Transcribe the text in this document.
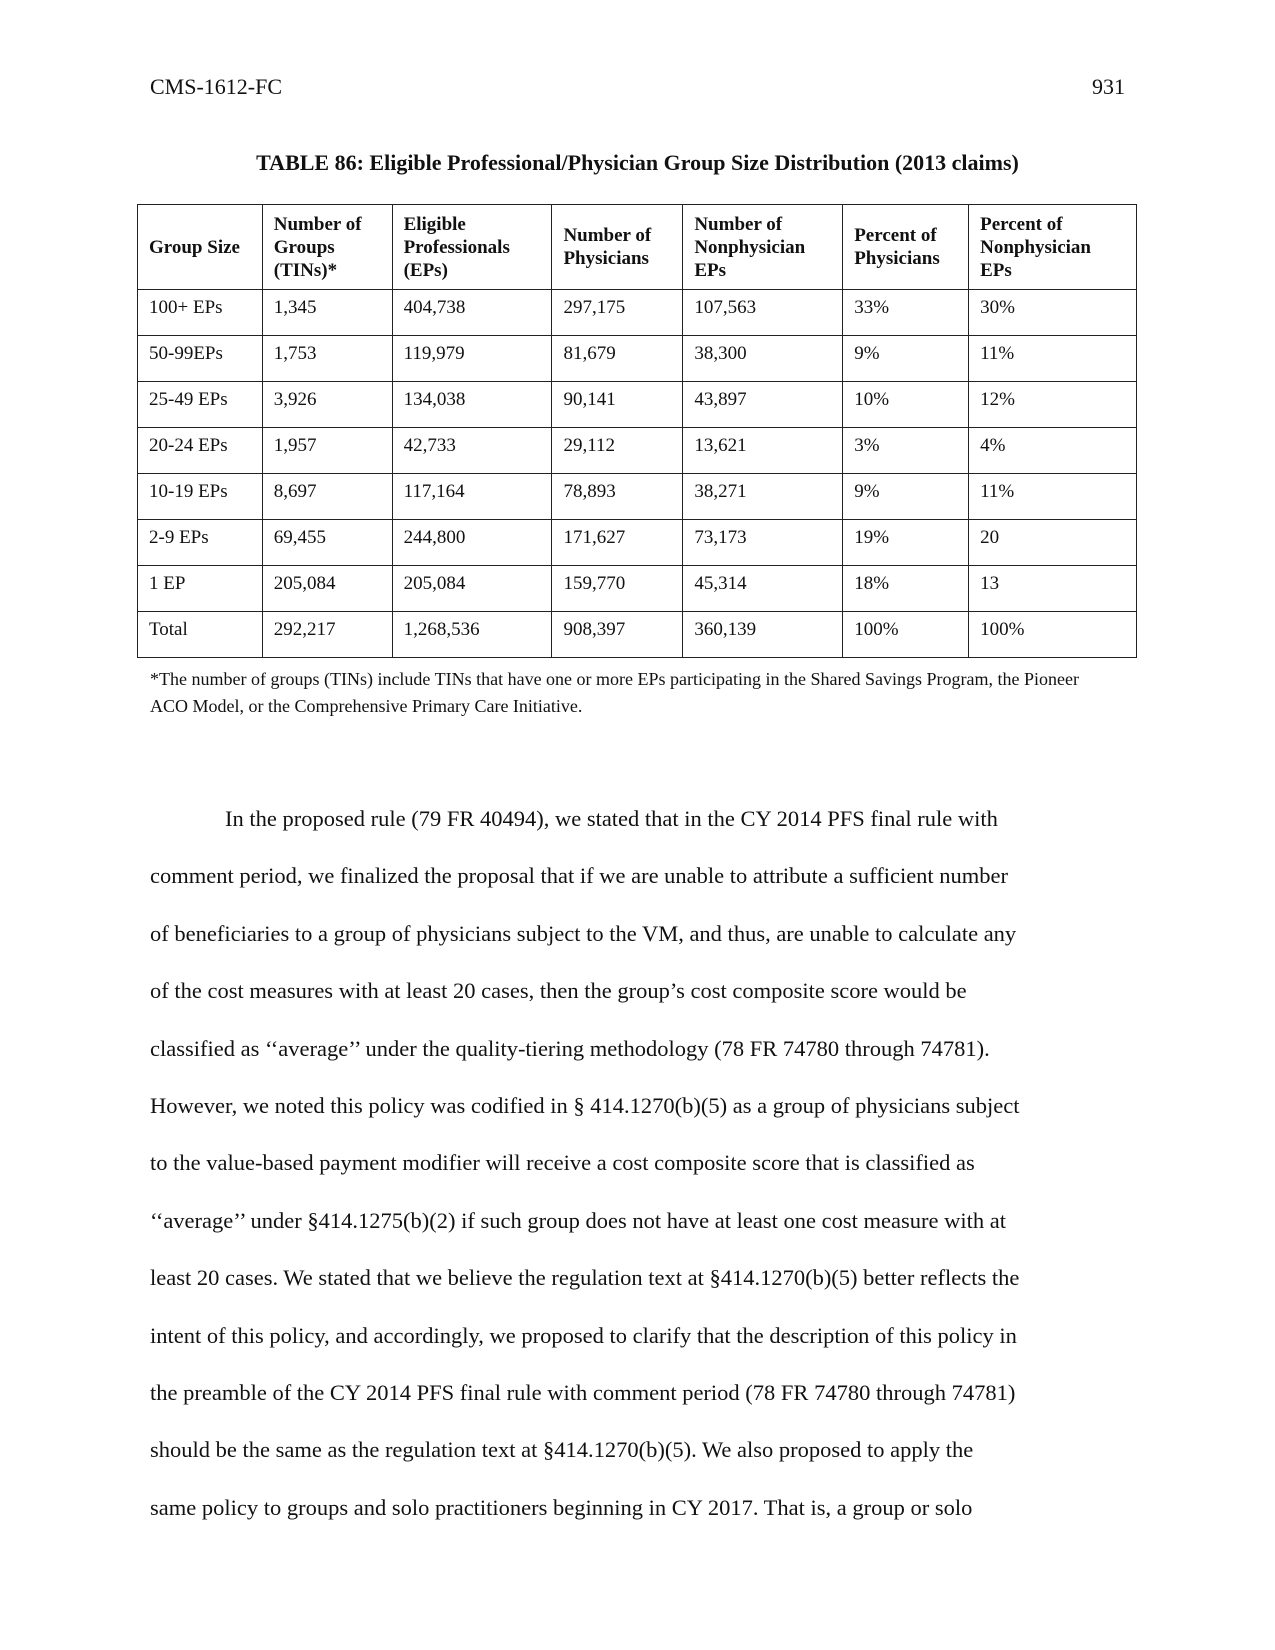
CMS-1612-FC	931
TABLE 86: Eligible Professional/Physician Group Size Distribution (2013 claims)
Group Size	Number of Groups (TINs)*	Eligible Professionals (EPs)	Number of Physicians	Number of Nonphysician EPs	Percent of Physicians	Percent of Nonphysician EPs
100+ EPs	1,345	404,738	297,175	107,563	33%	30%
50-99EPs	1,753	119,979	81,679	38,300	9%	11%
25-49 EPs	3,926	134,038	90,141	43,897	10%	12%
20-24 EPs	1,957	42,733	29,112	13,621	3%	4%
10-19 EPs	8,697	117,164	78,893	38,271	9%	11%
2-9 EPs	69,455	244,800	171,627	73,173	19%	20
1 EP	205,084	205,084	159,770	45,314	18%	13
Total	292,217	1,268,536	908,397	360,139	100%	100%
*The number of groups (TINs) include TINs that have one or more EPs participating in the Shared Savings Program, the Pioneer ACO Model, or the Comprehensive Primary Care Initiative.
In the proposed rule (79 FR 40494), we stated that in the CY 2014 PFS final rule with
comment period, we finalized the proposal that if we are unable to attribute a sufficient number
of beneficiaries to a group of physicians subject to the VM, and thus, are unable to calculate any
of the cost measures with at least 20 cases, then the group’s cost composite score would be
classified as ‘‘average’’ under the quality-tiering methodology (78 FR 74780 through 74781).
However, we noted this policy was codified in § 414.1270(b)(5) as a group of physicians subject
to the value-based payment modifier will receive a cost composite score that is classified as
‘‘average’’ under §414.1275(b)(2) if such group does not have at least one cost measure with at
least 20 cases. We stated that we believe the regulation text at §414.1270(b)(5) better reflects the
intent of this policy, and accordingly, we proposed to clarify that the description of this policy in
the preamble of the CY 2014 PFS final rule with comment period (78 FR 74780 through 74781)
should be the same as the regulation text at §414.1270(b)(5). We also proposed to apply the
same policy to groups and solo practitioners beginning in CY 2017. That is, a group or solo
